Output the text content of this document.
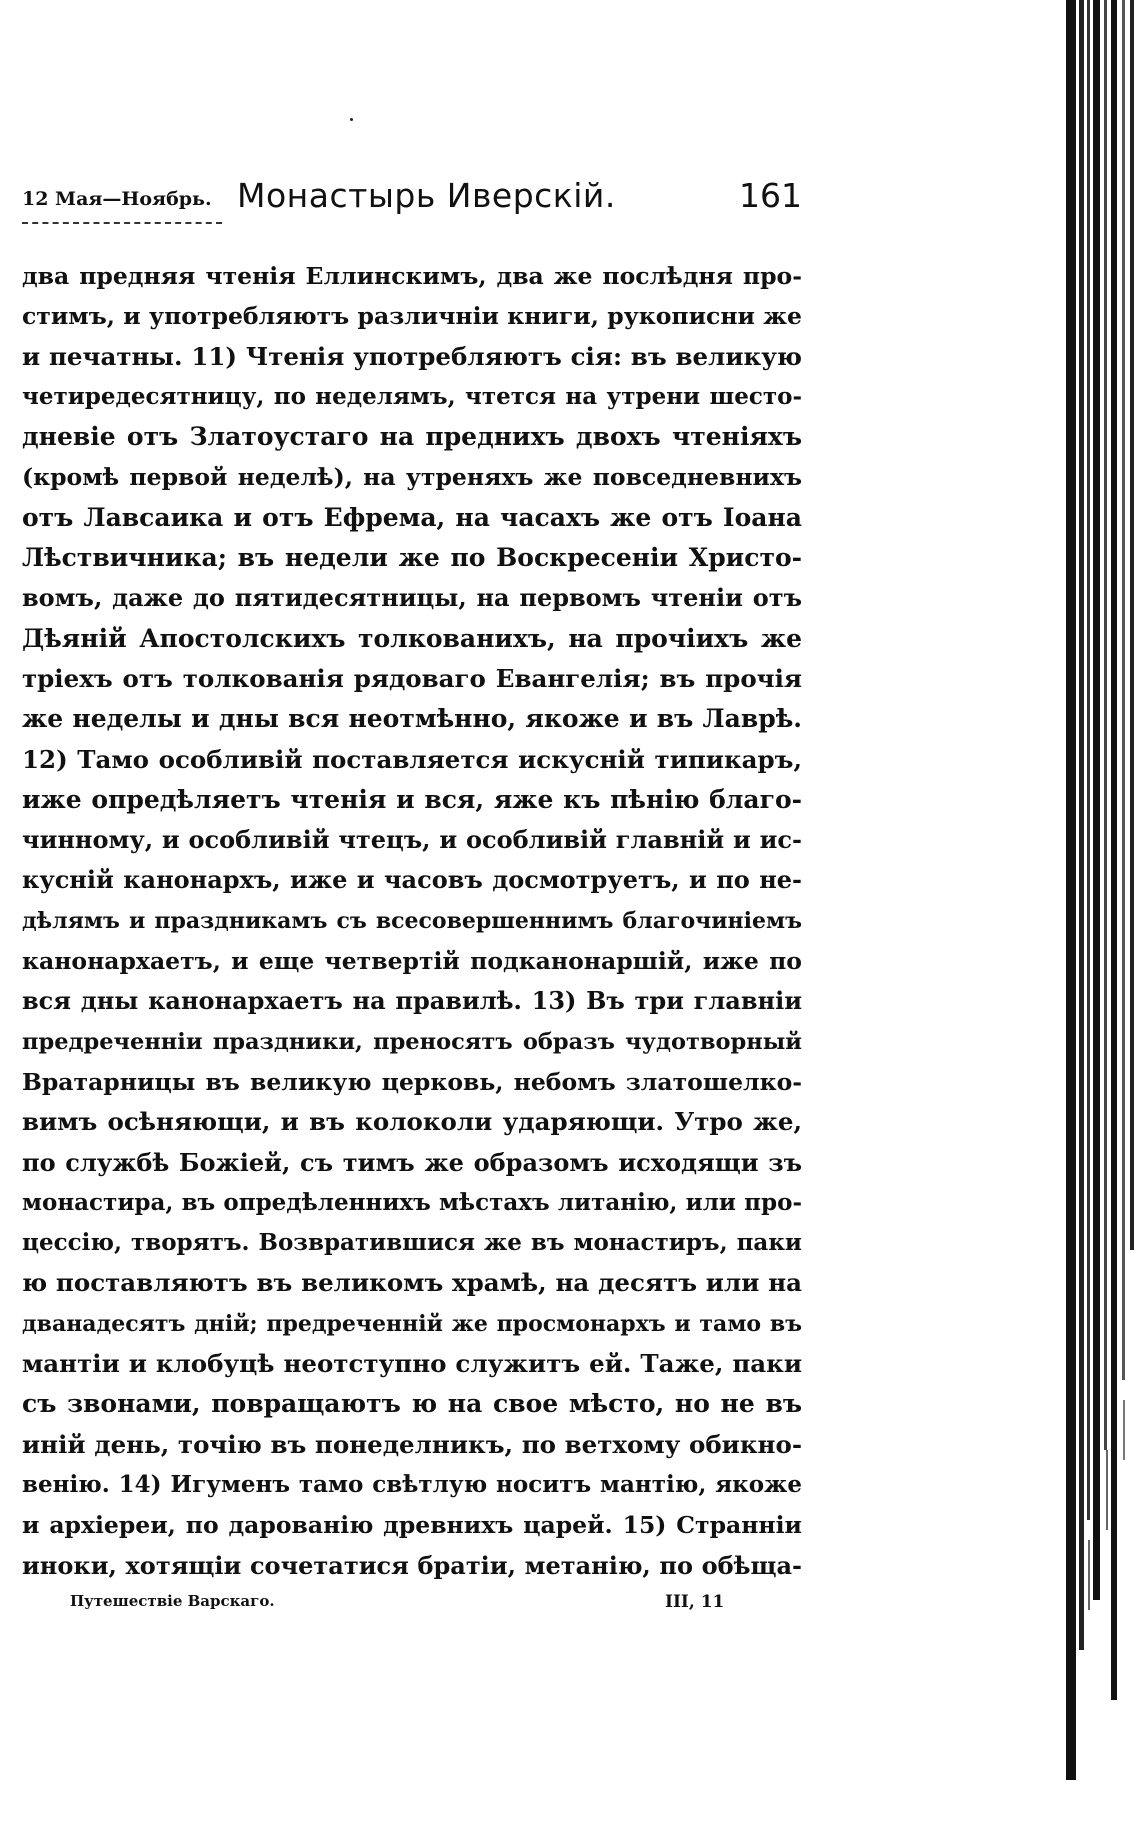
12 Мая—Ноябрь. Монастырь Иверскій.	161
два предняя чтенія Еллинскимъ, два же послѣдня про-
стимъ, и употребляютъ различніи книги, рукописни же
и печатны. 11) Чтенія употребляютъ сія: въ великую
четиредесятницу, по неделямъ, чтется на утрени шесто-
дневіе отъ Златоустаго на преднихъ двохъ чтеніяхъ
(кромѣ первой неделѣ), на утреняхъ же повседневнихъ
отъ Лавсаика и отъ Ефрема, на часахъ же отъ Іоана
Лѣствичника; въ недели же по Воскресеніи Христо-
вомъ, даже до пятидесятницы, на первомъ чтеніи отъ
Дѣяній Апостолскихъ толкованихъ, на прочіихъ же
тріехъ отъ толкованія рядоваго Евангелія; въ прочія
же неделы и дны вся неотмѣнно, якоже и въ Лаврѣ.
12) Тамо особливій поставляется искусній типикаръ,
иже опредѣляетъ чтенія и вся, яже къ пѣнію благо-
чинному, и особливій чтецъ, и особливій главній и ис-
кусній канонархъ, иже и часовъ досмотруетъ, и по не-
дѣлямъ и праздникамъ съ всесовершеннимъ благочиніемъ
канонархаетъ, и еще четвертій подканонаршій, иже по
вся дны канонархаетъ на правилѣ. 13) Въ три главніи
предреченніи праздники, преносятъ образъ чудотворный
Вратарницы въ великую церковь, небомъ златошелко-
вимъ осѣняющи, и въ колоколи ударяющи. Утро же,
по службѣ Божіей, съ тимъ же образомъ исходящи зъ
монастира, въ опредѣленнихъ мѣстахъ литанію, или про-
цессію, творятъ. Возвратившися же въ монастиръ, паки
ю поставляютъ въ великомъ храмѣ, на десятъ или на
дванадесятъ дній; предреченній же просмонархъ и тамо въ
мантіи и клобуцѣ неотступно служитъ ей. Таже, паки
съ звонами, повращаютъ ю на свое мѣсто, но не въ
иній день, точію въ понеделникъ, по ветхому обикно-
венію. 14) Игуменъ тамо свѣтлую носитъ мантію, якоже
и архіереи, по дарованію древнихъ царей. 15) Странніи
иноки, хотящіи сочетатися братіи, метанію, по обѣща-
Путешествіе Варскаго.	III, 11
